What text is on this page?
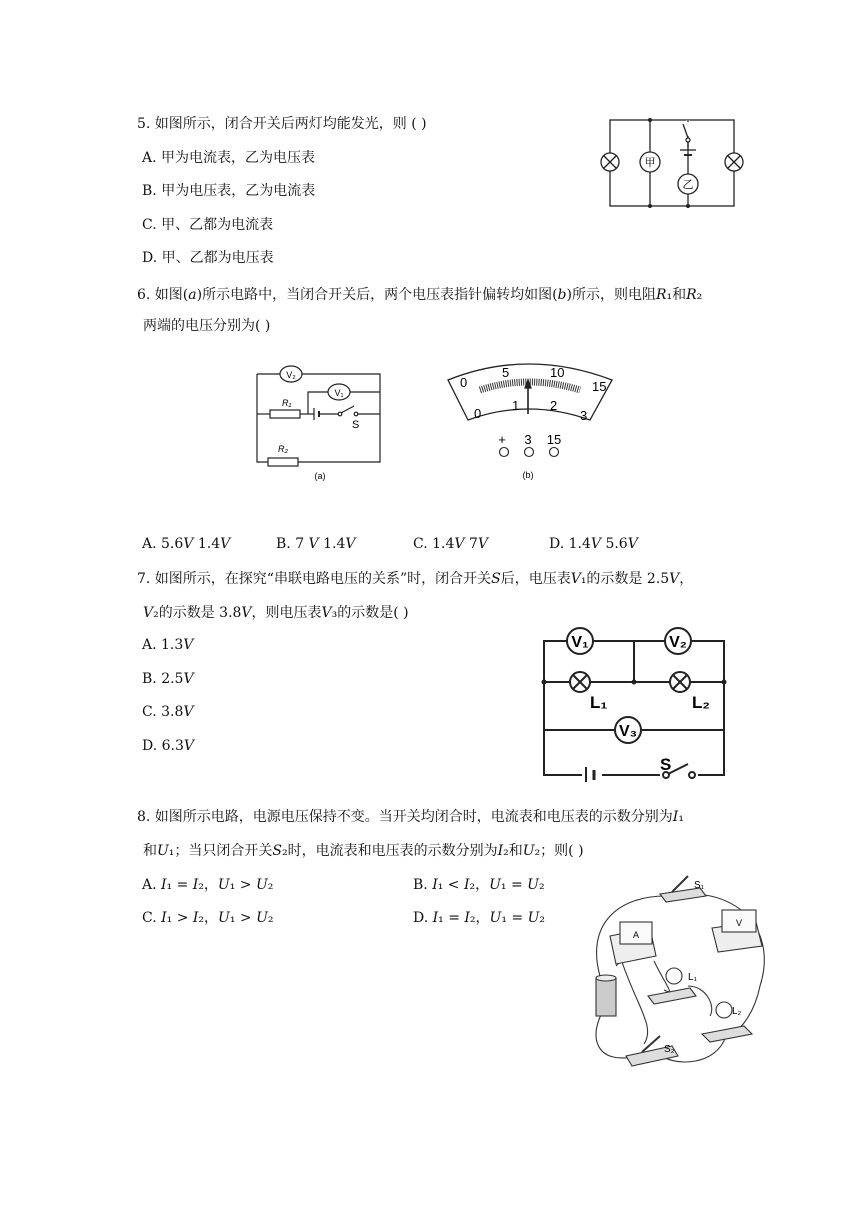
5. 如图所示，闭合开关后两灯均能发光，则 ( )
A. 甲为电流表，乙为电压表
B. 甲为电压表，乙为电流表
C. 甲、乙都为电流表
D. 甲、乙都为电压表
甲
乙
6. 如图(𝑎)所示电路中，当闭合开关后，两个电压表指针偏转均如图(𝑏)所示，则电阻𝑅₁和𝑅₂
两端的电压分别为( )
V₂
V₁
R₁
R₂
S
(a)
0
5	10
15
0
1 2
3
+ 3 15
(b)
A. 5.6𝑉 1.4𝑉	B. 7 𝑉 1.4𝑉	C. 1.4𝑉 7𝑉	D. 1.4𝑉 5.6𝑉
7. 如图所示，在探究“串联电路电压的关系”时，闭合开关𝑆后，电压表𝑉₁的示数是 2.5𝑉，
𝑉₂的示数是 3.8𝑉，则电压表𝑉₃的示数是( )
A. 1.3𝑉
B. 2.5𝑉
C. 3.8𝑉
D. 6.3𝑉
V₁	V₂
V₃
L₁	L₂
S
8. 如图所示电路，电源电压保持不变。当开关均闭合时，电流表和电压表的示数分别为𝐼₁
和𝑈₁；当只闭合开关𝑆₂时，电流表和电压表的示数分别为𝐼₂和𝑈₂；则( )
A. 𝐼₁ = 𝐼₂，𝑈₁ > 𝑈₂	B. 𝐼₁ < 𝐼₂，𝑈₁ = 𝑈₂
C. 𝐼₁ > 𝐼₂，𝑈₁ > 𝑈₂	D. 𝐼₁ = 𝐼₂，𝑈₁ = 𝑈₂
S₁
S₂
L₁
L₂
A
V
